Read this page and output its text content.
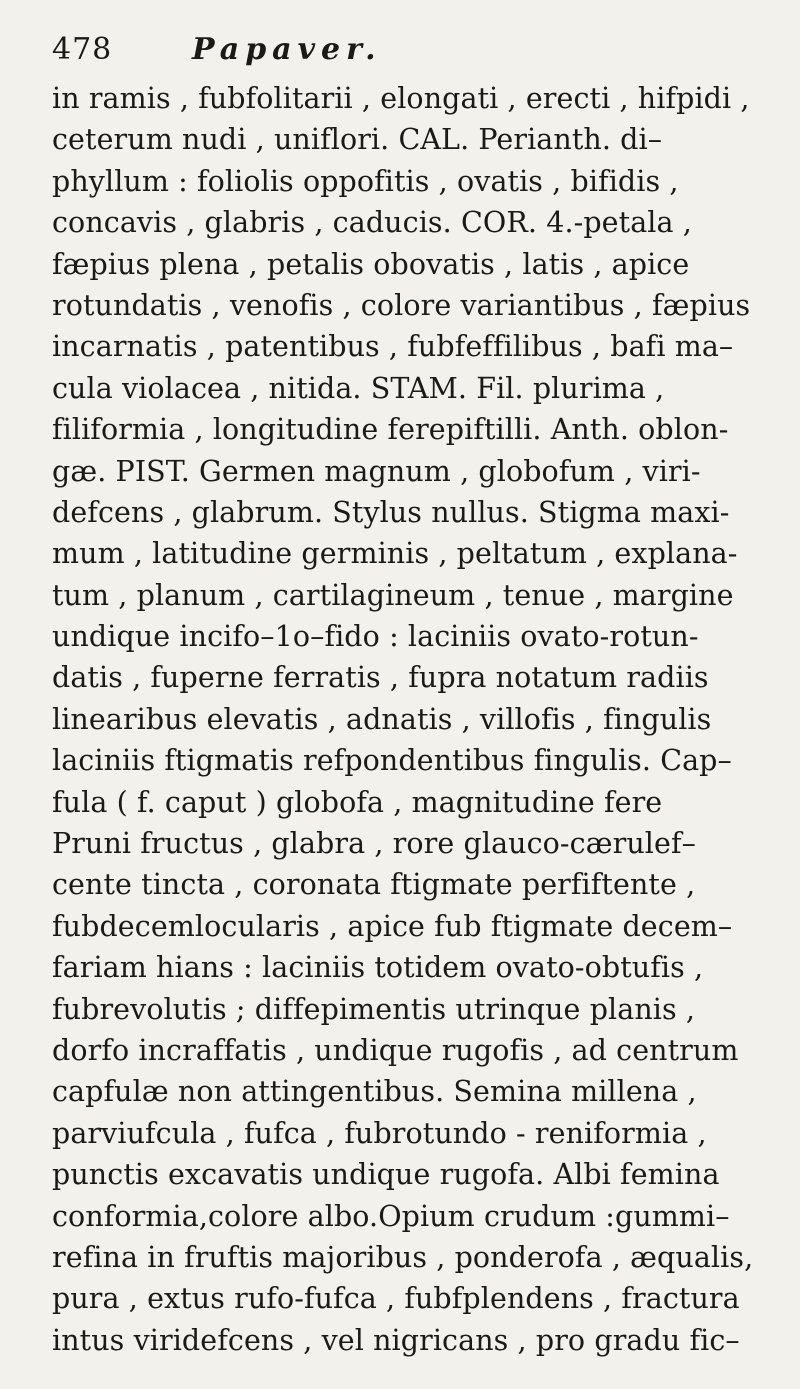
478	Papaver.
in ramis , fubfolitarii , elongati , erecti , hifpidi ,
ceterum nudi , uniflori. CAL. Perianth. di–
phyllum : foliolis oppofitis , ovatis , bifidis ,
concavis , glabris , caducis. COR. 4.-petala ,
fæpius plena , petalis obovatis , latis , apice
rotundatis , venofis , colore variantibus , fæpius
incarnatis , patentibus , fubfeffilibus , bafi ma–
cula violacea , nitida. STAM. Fil. plurima ,
filiformia , longitudine ferepiftilli. Anth. oblon-
gæ. PIST. Germen magnum , globofum , viri-
defcens , glabrum. Stylus nullus. Stigma maxi-
mum , latitudine germinis , peltatum , explana-
tum , planum , cartilagineum , tenue , margine
undique incifo–1o–fido : laciniis ovato-rotun-
datis , fuperne ferratis , fupra notatum radiis
linearibus elevatis , adnatis , villofis , fingulis
laciniis ftigmatis refpondentibus fingulis. Cap–
fula ( f. caput ) globofa , magnitudine fere
Pruni fructus , glabra , rore glauco-cærulef–
cente tincta , coronata ftigmate perfiftente ,
fubdecemlocularis , apice fub ftigmate decem–
fariam hians : laciniis totidem ovato-obtufis ,
fubrevolutis ; diffepimentis utrinque planis ,
dorfo incraffatis , undique rugofis , ad centrum
capfulæ non attingentibus. Semina millena ,
parviufcula , fufca , fubrotundo - reniformia ,
punctis excavatis undique rugofa. Albi femina
conformia,colore albo.Opium crudum :gummi–
refina in fruftis majoribus , ponderofa , æqualis,
pura , extus rufo-fufca , fubfplendens , fractura
intus viridefcens , vel nigricans , pro gradu fic–
